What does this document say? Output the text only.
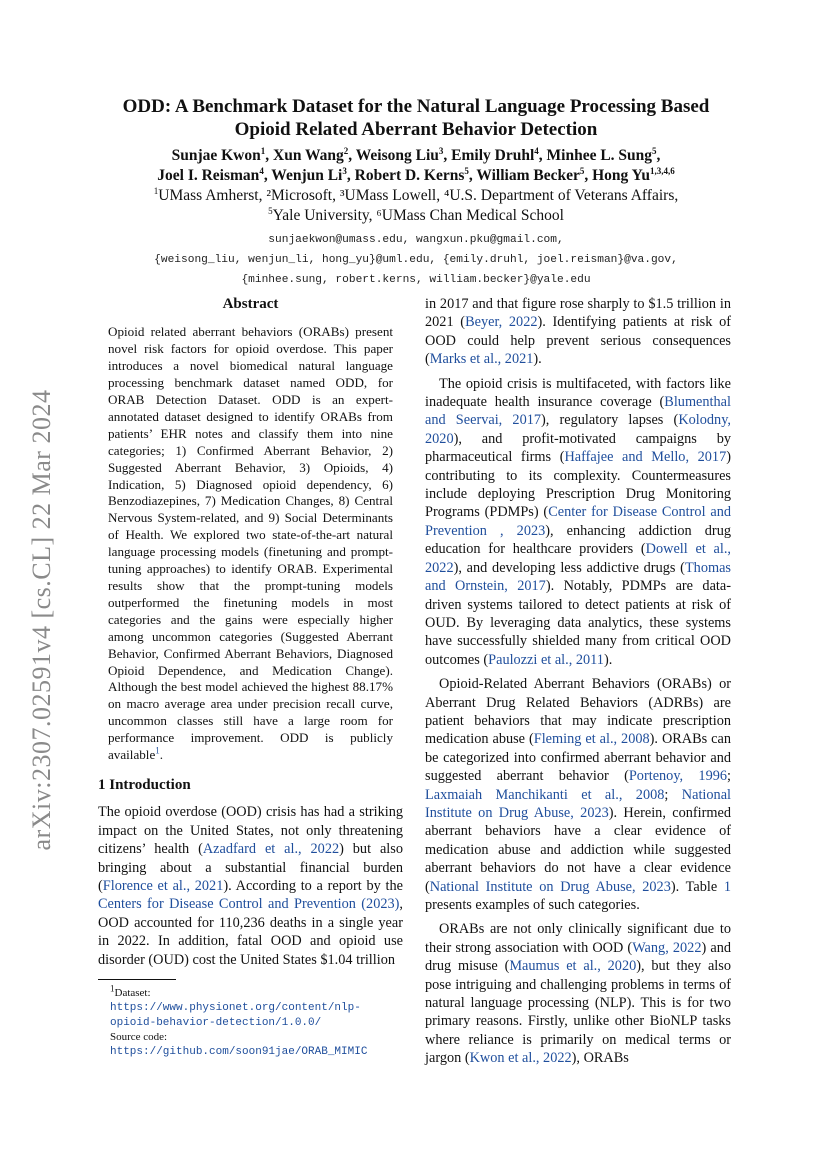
arXiv:2307.02591v4 [cs.CL] 22 Mar 2024
ODD: A Benchmark Dataset for the Natural Language Processing Based
Opioid Related Aberrant Behavior Detection
Sunjae Kwon$^1$, Xun Wang$^2$, Weisong Liu$^3$, Emily Druhl$^4$, Minhee L. Sung$^5$,
Joel I. Reisman$^4$, Wenjun Li$^3$, Robert D. Kerns$^5$, William Becker$^5$, Hong Yu$^{1,3,4,6}$
$^1$UMass Amherst, ²Microsoft, ³UMass Lowell, ⁴U.S. Department of Veterans Affairs,
$^5$Yale University, ⁶UMass Chan Medical School
sunjaekwon@umass.edu, wangxun.pku@gmail.com,
{weisong_liu, wenjun_li, hong_yu}@uml.edu, {emily.druhl, joel.reisman}@va.gov,
{minhee.sung, robert.kerns, william.becker}@yale.edu
Abstract

Opioid related aberrant behaviors (ORABs) present novel risk factors for opioid overdose. This paper introduces a novel biomedical natural language processing benchmark dataset named ODD, for ORAB Detection Dataset. ODD is an expert-annotated dataset designed to identify ORABs from patients’ EHR notes and classify them into nine categories; 1) Confirmed Aberrant Behavior, 2) Suggested Aberrant Behavior, 3) Opioids, 4) Indication, 5) Diagnosed opioid dependency, 6) Benzodiazepines, 7) Medication Changes, 8) Central Nervous System-related, and 9) Social Determinants of Health. We explored two state-of-the-art natural language processing models (finetuning and prompt-tuning approaches) to identify ORAB. Experimental results show that the prompt-tuning models outperformed the finetuning models in most categories and the gains were especially higher among uncommon categories (Suggested Aberrant Behavior, Confirmed Aberrant Behaviors, Diagnosed Opioid Dependence, and Medication Change). Although the best model achieved the highest 88.17% on macro average area under precision recall curve, uncommon classes still have a large room for performance improvement. ODD is publicly available$^1$.

1 Introduction

The opioid overdose (OOD) crisis has had a striking impact on the United States, not only threatening citizens’ health (Azadfard et al., 2022) but also bringing about a substantial financial burden (Florence et al., 2021). According to a report by the Centers for Disease Control and Prevention (2023), OOD accounted for 110,236 deaths in a single year in 2022. In addition, fatal OOD and opioid use disorder (OUD) cost the United States $1.04 trillion

$^1$Dataset: https://www.physionet.org/content/nlp-opioid-behavior-detection/1.0.0/
Source code: https://github.com/soon91jae/ORAB_MIMIC

in 2017 and that figure rose sharply to $1.5 trillion in 2021 (Beyer, 2022). Identifying patients at risk of OOD could help prevent serious consequences (Marks et al., 2021).

The opioid crisis is multifaceted, with factors like inadequate health insurance coverage (Blumenthal and Seervai, 2017), regulatory lapses (Kolodny, 2020), and profit-motivated campaigns by pharmaceutical firms (Haffajee and Mello, 2017) contributing to its complexity. Countermeasures include deploying Prescription Drug Monitoring Programs (PDMPs) (Center for Disease Control and Prevention , 2023), enhancing addiction drug education for healthcare providers (Dowell et al., 2022), and developing less addictive drugs (Thomas and Ornstein, 2017). Notably, PDMPs are data-driven systems tailored to detect patients at risk of OUD. By leveraging data analytics, these systems have successfully shielded many from critical OOD outcomes (Paulozzi et al., 2011).

Opioid-Related Aberrant Behaviors (ORABs) or Aberrant Drug Related Behaviors (ADRBs) are patient behaviors that may indicate prescription medication abuse (Fleming et al., 2008). ORABs can be categorized into confirmed aberrant behavior and suggested aberrant behavior (Portenoy, 1996; Laxmaiah Manchikanti et al., 2008; National Institute on Drug Abuse, 2023). Herein, confirmed aberrant behaviors have a clear evidence of medication abuse and addiction while suggested aberrant behaviors do not have a clear evidence (National Institute on Drug Abuse, 2023). Table 1 presents examples of such categories.

ORABs are not only clinically significant due to their strong association with OOD (Wang, 2022) and drug misuse (Maumus et al., 2020), but they also pose intriguing and challenging problems in terms of natural language processing (NLP). This is for two primary reasons. Firstly, unlike other BioNLP tasks where reliance is primarily on medical terms or jargon (Kwon et al., 2022), ORABs
